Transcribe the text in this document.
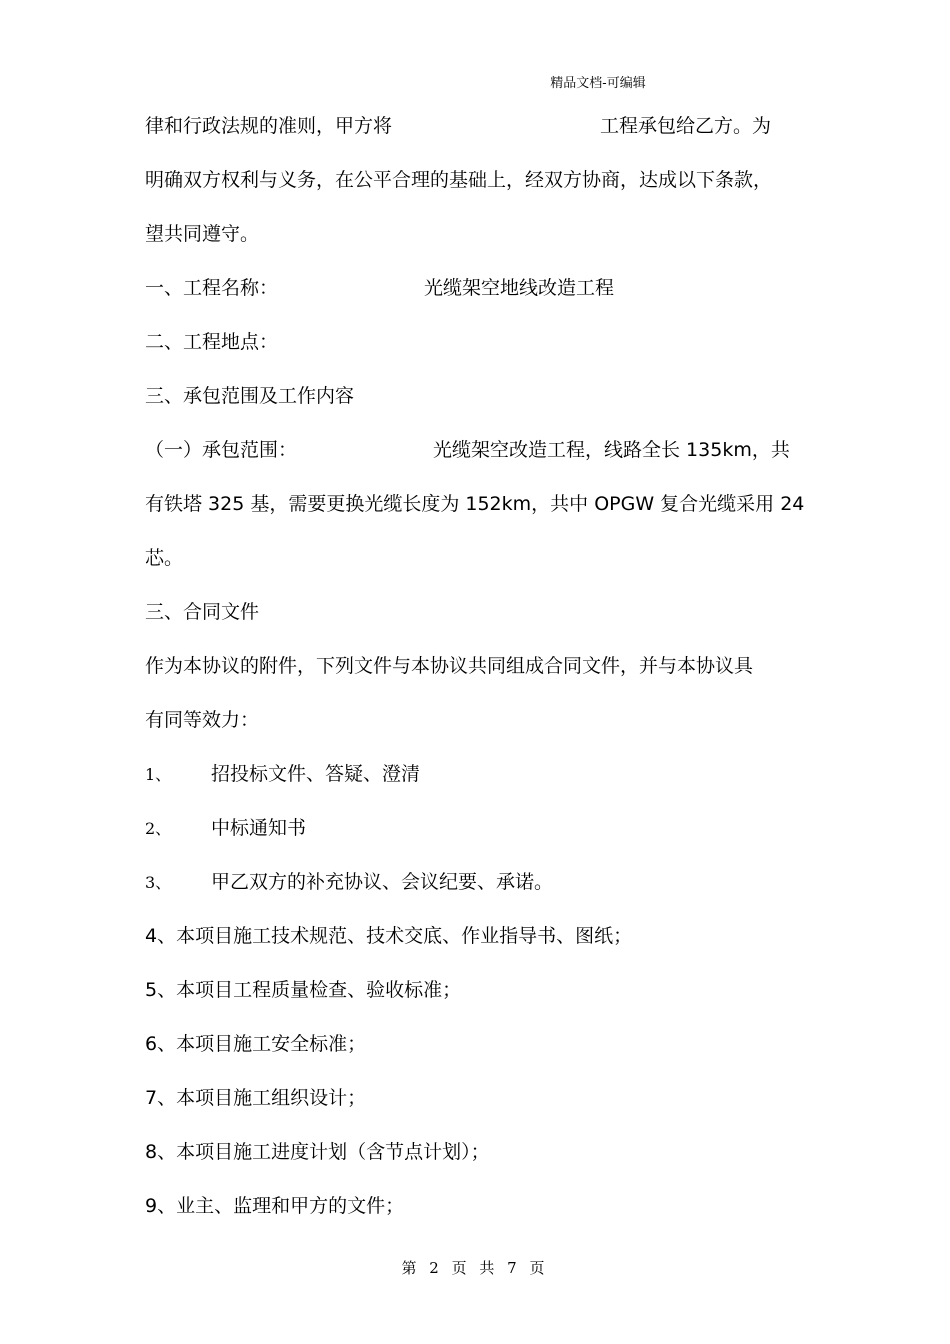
精品文档-可编辑
律和行政法规的准则，甲方将	工程承包给乙方。为
明确双方权利与义务，在公平合理的基础上，经双方协商，达成以下条款，
望共同遵守。
一、工程名称：	光缆架空地线改造工程
二、工程地点：
三、承包范围及工作内容
（一）承包范围：	光缆架空改造工程，线路全长 135km，共
有铁塔 325 基，需要更换光缆长度为 152km，共中 OPGW 复合光缆采用 24
芯。
三、合同文件
作为本协议的附件，下列文件与本协议共同组成合同文件，并与本协议具
有同等效力：
1、 招投标文件、答疑、澄清
2、 中标通知书
3、 甲乙双方的补充协议、会议纪要、承诺。
4、本项目施工技术规范、技术交底、作业指导书、图纸；
5、本项目工程质量检查、验收标准；
6、本项目施工安全标准；
7、本项目施工组织设计；
8、本项目施工进度计划（含节点计划）；
9、业主、监理和甲方的文件；
第 2 页 共 7 页
